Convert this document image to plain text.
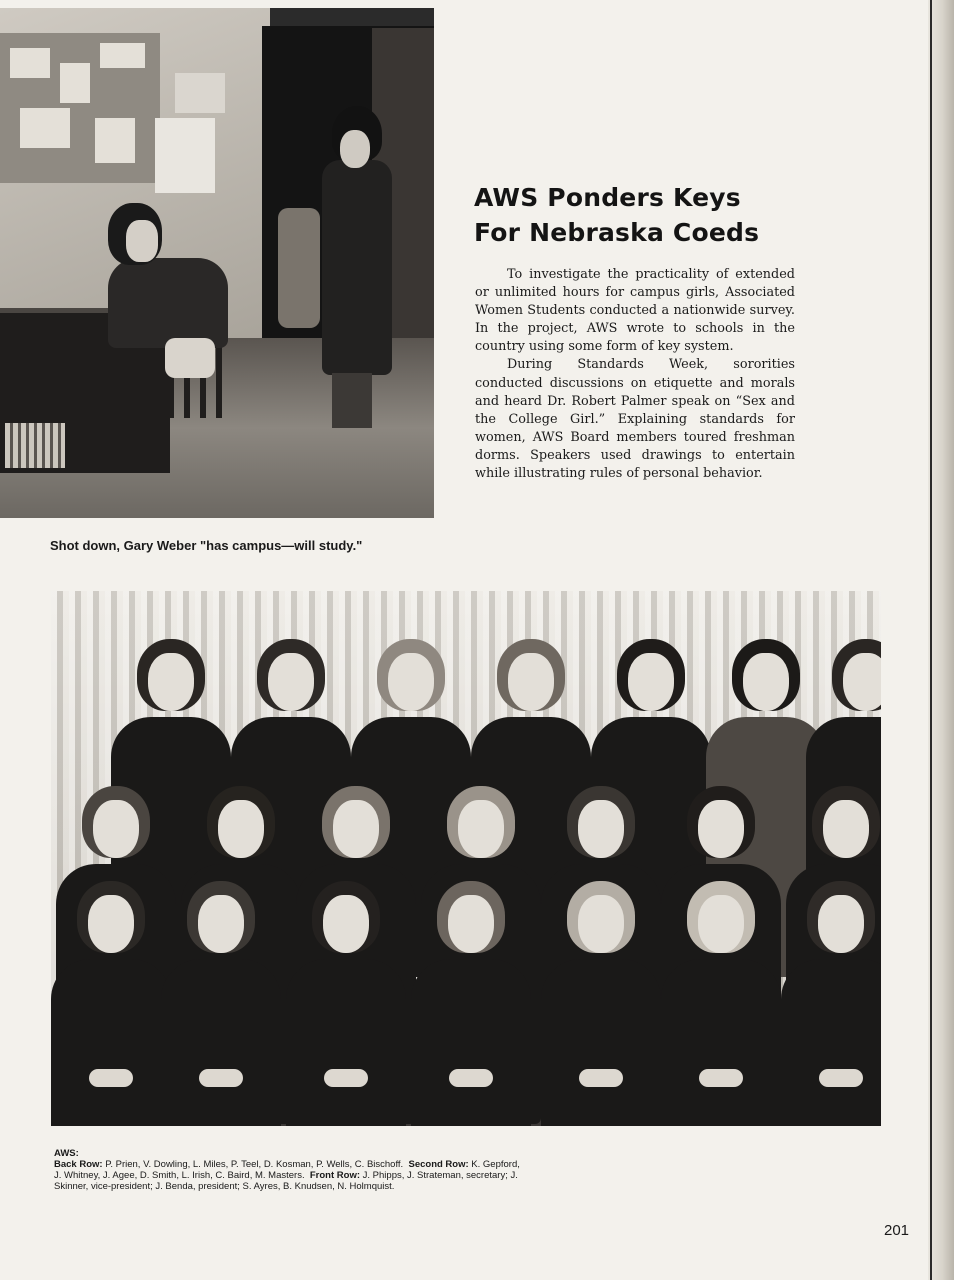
Shot down, Gary Weber "has campus—will study."

AWS Ponders Keys
For Nebraska Coeds

To investigate the practicality of extended or unlimited hours for campus girls, Associated Women Students conducted a nationwide survey. In the project, AWS wrote to schools in the country using some form of key system.

During Standards Week, sororities conducted discussions on etiquette and morals and heard Dr. Robert Palmer speak on “Sex and the College Girl.” Explaining standards for women, AWS Board members toured freshman dorms. Speakers used drawings to entertain while illustrating rules of personal behavior.

AWS:
Back Row: P. Prien, V. Dowling, L. Miles, P. Teel, D. Kosman, P. Wells, C. Bischoff. Second Row: K. Gepford,
J. Whitney, J. Agee, D. Smith, L. Irish, C. Baird, M. Masters. Front Row: J. Phipps, J. Strateman, secretary; J.
Skinner, vice-president; J. Benda, president; S. Ayres, B. Knudsen, N. Holmquist.

201
